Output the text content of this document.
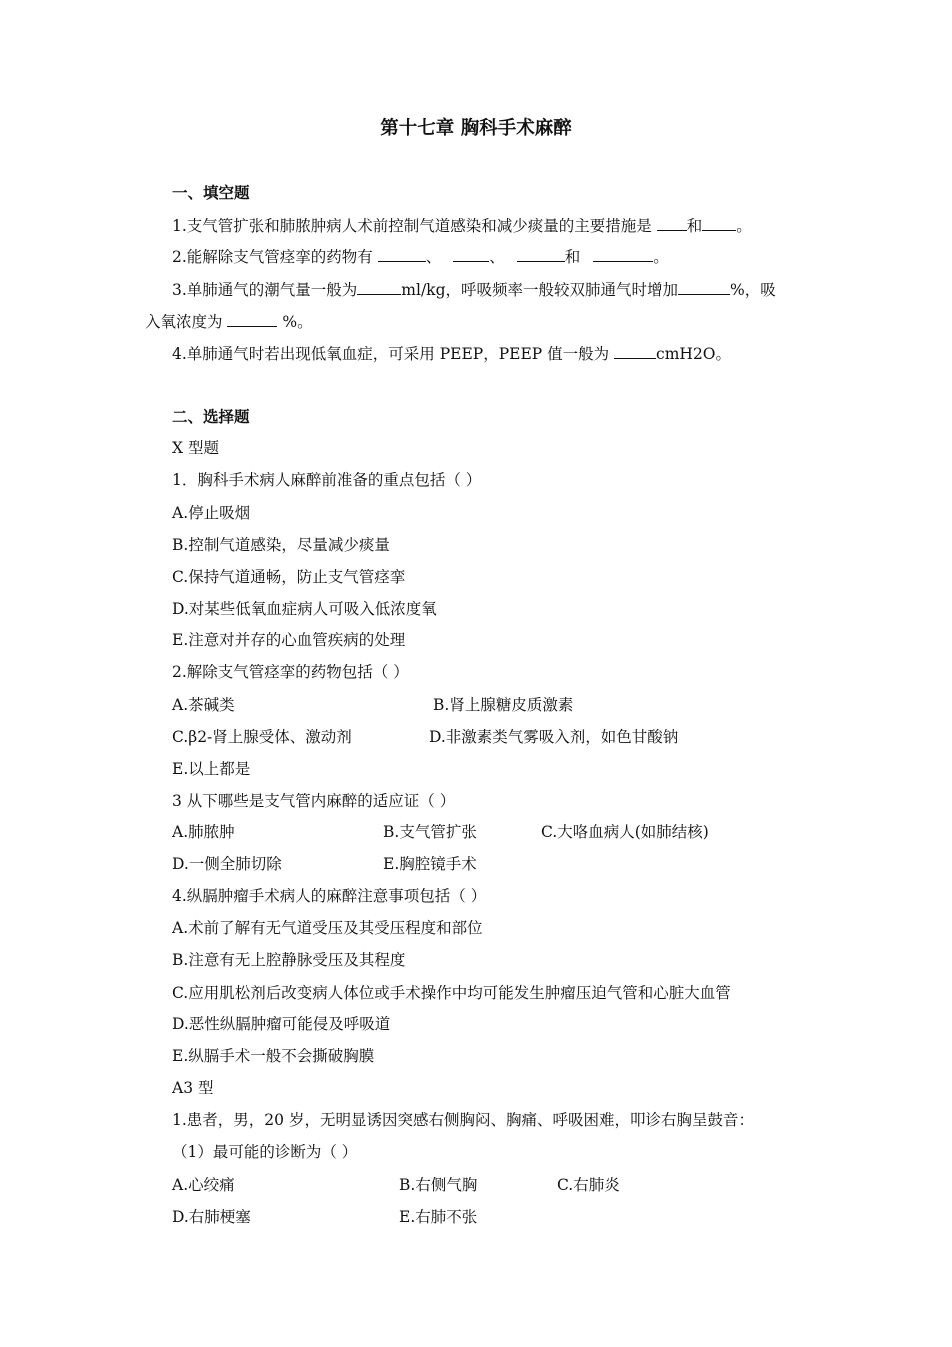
第十七章 胸科手术麻醉
一、填空题
1.支气管扩张和肺脓肿病人术前控制气道感染和减少痰量的主要措施是 和 。
2.能解除支气管痉挛的药物有	、	、	和	。
3.单肺通气的潮气量一般为	ml/kg，呼吸频率一般较双肺通气时增加	%，吸
入氧浓度为	%。
4.单肺通气时若出现低氧血症，可采用 PEEP，PEEP 值一般为	cmH2O。
二、选择题
X 型题
1．胸科手术病人麻醉前准备的重点包括（ ）
A.停止吸烟
B.控制气道感染，尽量减少痰量
C.保持气道通畅，防止支气管痉挛
D.对某些低氧血症病人可吸入低浓度氧
E.注意对并存的心血管疾病的处理
2.解除支气管痉挛的药物包括（ ）
A.茶碱类	B.肾上腺糖皮质激素
C.β2-肾上腺受体、激动剂	D.非激素类气雾吸入剂，如色甘酸钠
E.以上都是
3 从下哪些是支气管内麻醉的适应证（ ）
A.肺脓肿	B.支气管扩张	C.大咯血病人(如肺结核)
D.一侧全肺切除	E.胸腔镜手术
4.纵膈肿瘤手术病人的麻醉注意事项包括（ ）
A.术前了解有无气道受压及其受压程度和部位
B.注意有无上腔静脉受压及其程度
C.应用肌松剂后改变病人体位或手术操作中均可能发生肿瘤压迫气管和心脏大血管
D.恶性纵膈肿瘤可能侵及呼吸道
E.纵膈手术一般不会撕破胸膜
A3 型
1.患者，男，20 岁，无明显诱因突感右侧胸闷、胸痛、呼吸困难，叩诊右胸呈鼓音：
（1）最可能的诊断为（ ）
A.心绞痛	B.右侧气胸	C.右肺炎
D.右肺梗塞	E.右肺不张
